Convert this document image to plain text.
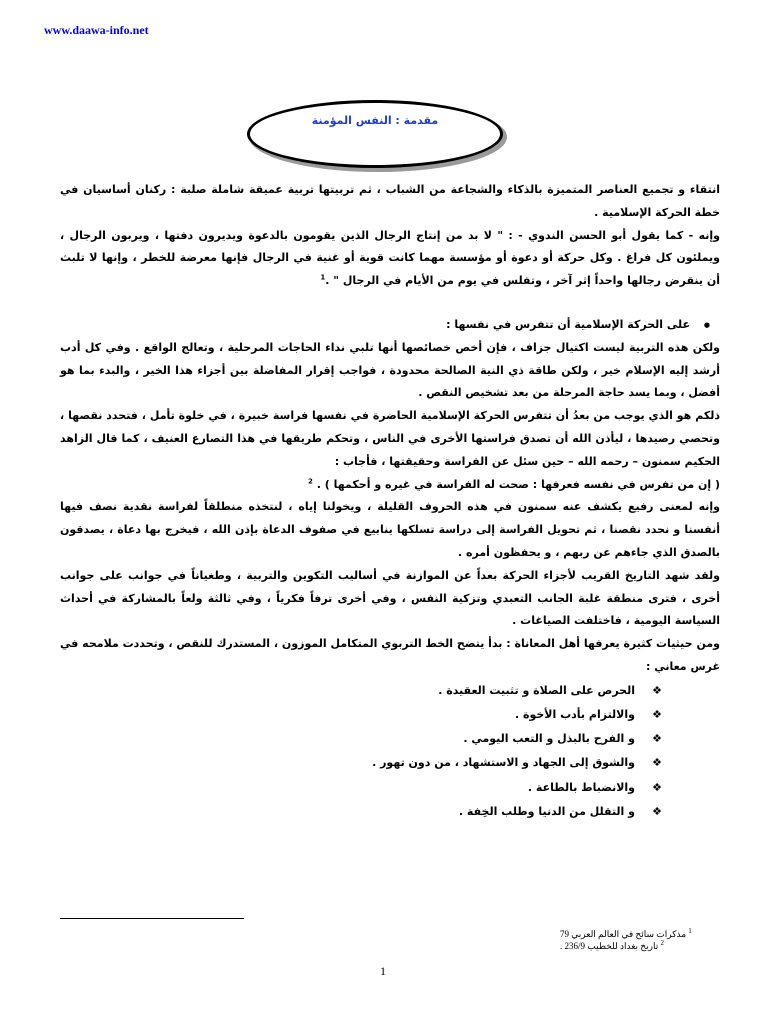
www.daawa-info.net
مقدمة : النفس المؤمنة

انتقاء و تجميع العناصر المتميزة بالذكاء والشجاعة من الشباب ، ثم تربيتها تربية عميقة شاملة صلبة : ركنان أساسيان في خطة الحركة الإسلامية .

وإنه - كما يقول أبو الحسن الندوي - : " لا بد من إنتاج الرجال الذين يقومون بالدعوة ويديرون دفتها ، ويربون الرجال ، ويملئون كل فراغ . وكل حركة أو دعوة أو مؤسسة مهما كانت قوية أو غنية في الرجال فإنها معرضة للخطر ، وإنها لا تلبث أن ينقرض رجالها واحداً إثر آخر ، وتفلس في يوم من الأيام في الرجال " .$^1$

● على الحركة الإسلامية أن تتفرس في نفسها :

ولكن هذه التربية ليست اكتيال جزاف ، فإن أخص خصائصها أنها تلبي نداء الحاجات المرحلية ، وتعالج الواقع . وفي كل أدب أرشد إليه الإسلام خير ، ولكن طاقة ذي النية الصالحة محدودة ، فواجب إقرار المفاضلة بين أجزاء هذا الخير ، والبدء بما هو أفضل ، وبما يسد حاجة المرحلة من بعد تشخيص النقص .

ذلكم هو الذي يوجب من بعدُ أن تتفرس الحركة الإسلامية الحاضرة في نفسها فراسة خبيرة ، في خلوة تأمل ، فتحدد نقصها ، وتحصي رصيدها ، ليأذن الله أن تصدق فراستها الأخرى في الناس ، وتحكم طريقها في هذا التصارع العنيف ، كما قال الزاهد الحكيم سمنون – رحمه الله – حين سئل عن الفراسة وحقيقتها ، فأجاب :

( إن من تفرس في نفسه فعرفها : صحت له الفراسة في غيره و أحكمها ) . $^2$

وإنه لمعنى رفيع يكشف عنه سمنون في هذه الحروف القليلة ، ويخولنا إياه ، لنتخذه منطلقاً لفراسة نقدية نصف فيها أنفسنا و نحدد نقصنا ، ثم تحويل الفراسة إلى دراسة تسلكها ينابيع في صفوف الدعاة بإذن الله ، فيخرج بها دعاة ، يصدقون بالصدق الذي جاءهم عن ربهم ، و يحفظون أمره .

ولقد شهد التاريخ القريب لأجزاء الحركة بعداً عن الموازنة في أساليب التكوين والتربية ، وطغياناً في جوانب على جوانب أخرى ، فترى منطقة غلبة الجانب التعبدي وتزكية النفس ، وفي أخرى ترفاً فكرياً ، وفي ثالثة ولعاً بالمشاركة في أحداث السياسة اليومية ، فاختلفت الصياغات .

ومن حيثيات كثيرة يعرفها أهل المعاناة : بدأ يتضح الخط التربوي المتكامل الموزون ، المستدرك للنقص ، وتحددت ملامحه في غرس معاني :

❖
الحرص على الصلاة و تثبيت العقيدة .
❖
والالتزام بأدب الأخوة .
❖
و الفرح بالبذل و التعب اليومي .
❖
والشوق إلى الجهاد و الاستشهاد ، من دون تهور .
❖
والانضباط بالطاعة .
❖
و التقلل من الدنيا وطلب الخِفة .
$^1$ مذكرات سائح في العالم العربي 79
$^2$ تاريخ بغداد للخطيب 236/9 .
1
